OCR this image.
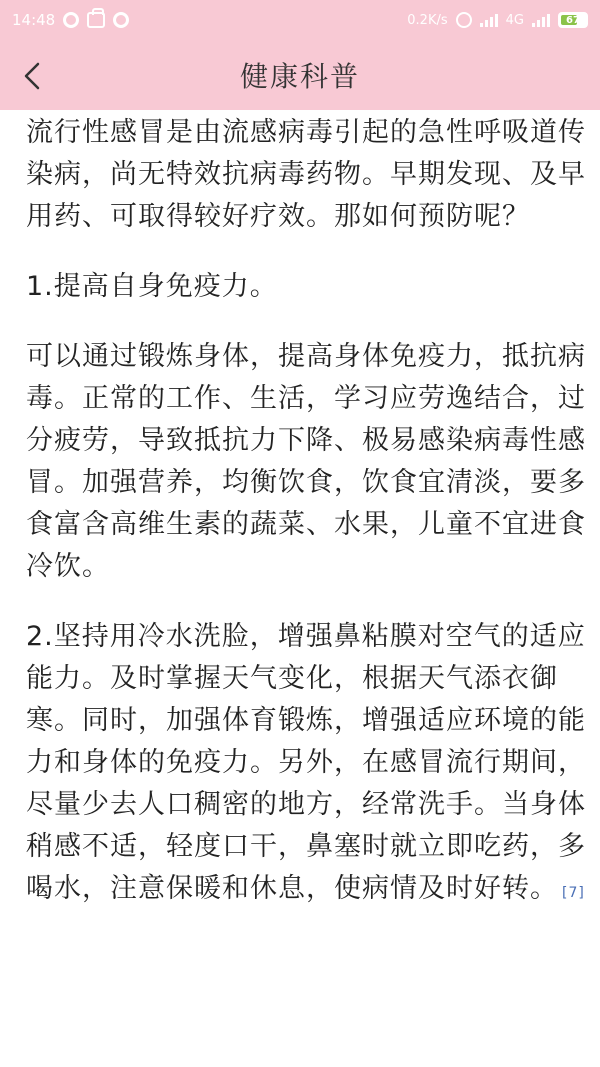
14:48	0.2K/s	4G	67
健康科普

流行性感冒是由流感病毒引起的急性呼吸道传染病，尚无特效抗病毒药物。早期发现、及早用药、可取得较好疗效。那如何预防呢？

1.提高自身免疫力。

可以通过锻炼身体，提高身体免疫力，抵抗病毒。正常的工作、生活，学习应劳逸结合，过分疲劳，导致抵抗力下降、极易感染病毒性感冒。加强营养，均衡饮食，饮食宜清淡，要多食富含高维生素的蔬菜、水果，儿童不宜进食冷饮。

2.坚持用冷水洗脸，增强鼻粘膜对空气的适应能力。及时掌握天气变化，根据天气添衣御寒。同时，加强体育锻炼，增强适应环境的能力和身体的免疫力。另外，在感冒流行期间，尽量少去人口稠密的地方，经常洗手。当身体稍感不适，轻度口干，鼻塞时就立即吃药，多喝水，注意保暖和休息，使病情及时好转。 [7]
